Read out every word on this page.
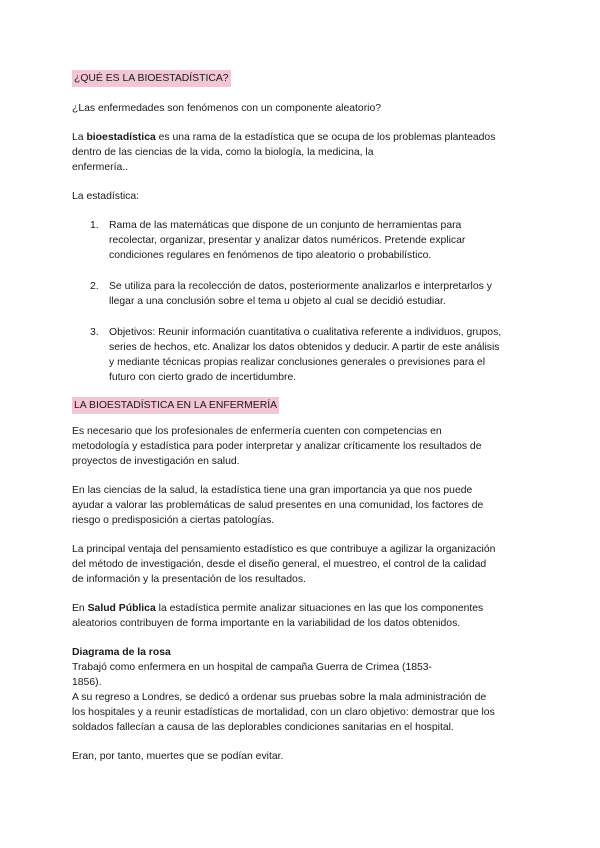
¿QUÉ ES LA BIOESTADÍSTICA?

¿Las enfermedades son fenómenos con un componente aleatorio?

La bioestadística es una rama de la estadística que se ocupa de los problemas planteados
dentro de las ciencias de la vida, como la biología, la medicina, la
enfermería..

La estadística:

1. Rama de las matemáticas que dispone de un conjunto de herramientas para
recolectar, organizar, presentar y analizar datos numéricos. Pretende explicar
condiciones regulares en fenómenos de tipo aleatorio o probabilístico.
2. Se utiliza para la recolección de datos, posteriormente analizarlos e interpretarlos y
llegar a una conclusión sobre el tema u objeto al cual se decidió estudiar.
3. Objetivos: Reunir información cuantitativa o cualitativa referente a individuos, grupos,
series de hechos, etc. Analizar los datos obtenidos y deducir. A partir de este análisis
y mediante técnicas propias realizar conclusiones generales o previsiones para el
futuro con cierto grado de incertidumbre.

LA BIOESTADÍSTICA EN LA ENFERMERÍA

Es necesario que los profesionales de enfermería cuenten con competencias en
metodología y estadística para poder interpretar y analizar críticamente los resultados de
proyectos de investigación en salud.

En las ciencias de la salud, la estadística tiene una gran importancia ya que nos puede
ayudar a valorar las problemáticas de salud presentes en una comunidad, los factores de
riesgo o predisposición a ciertas patologías.

La principal ventaja del pensamiento estadístico es que contribuye a agilizar la organización
del método de investigación, desde el diseño general, el muestreo, el control de la calidad
de información y la presentación de los resultados.

En Salud Pública la estadística permite analizar situaciones en las que los componentes
aleatorios contribuyen de forma importante en la variabilidad de los datos obtenidos.

Diagrama de la rosa

Trabajó como enfermera en un hospital de campaña Guerra de Crimea (1853-
1856).
A su regreso a Londres, se dedicó a ordenar sus pruebas sobre la mala administración de
los hospitales y a reunir estadísticas de mortalidad, con un claro objetivo: demostrar que los
soldados fallecían a causa de las deplorables condiciones sanitarias en el hospital.

Eran, por tanto, muertes que se podían evitar.
